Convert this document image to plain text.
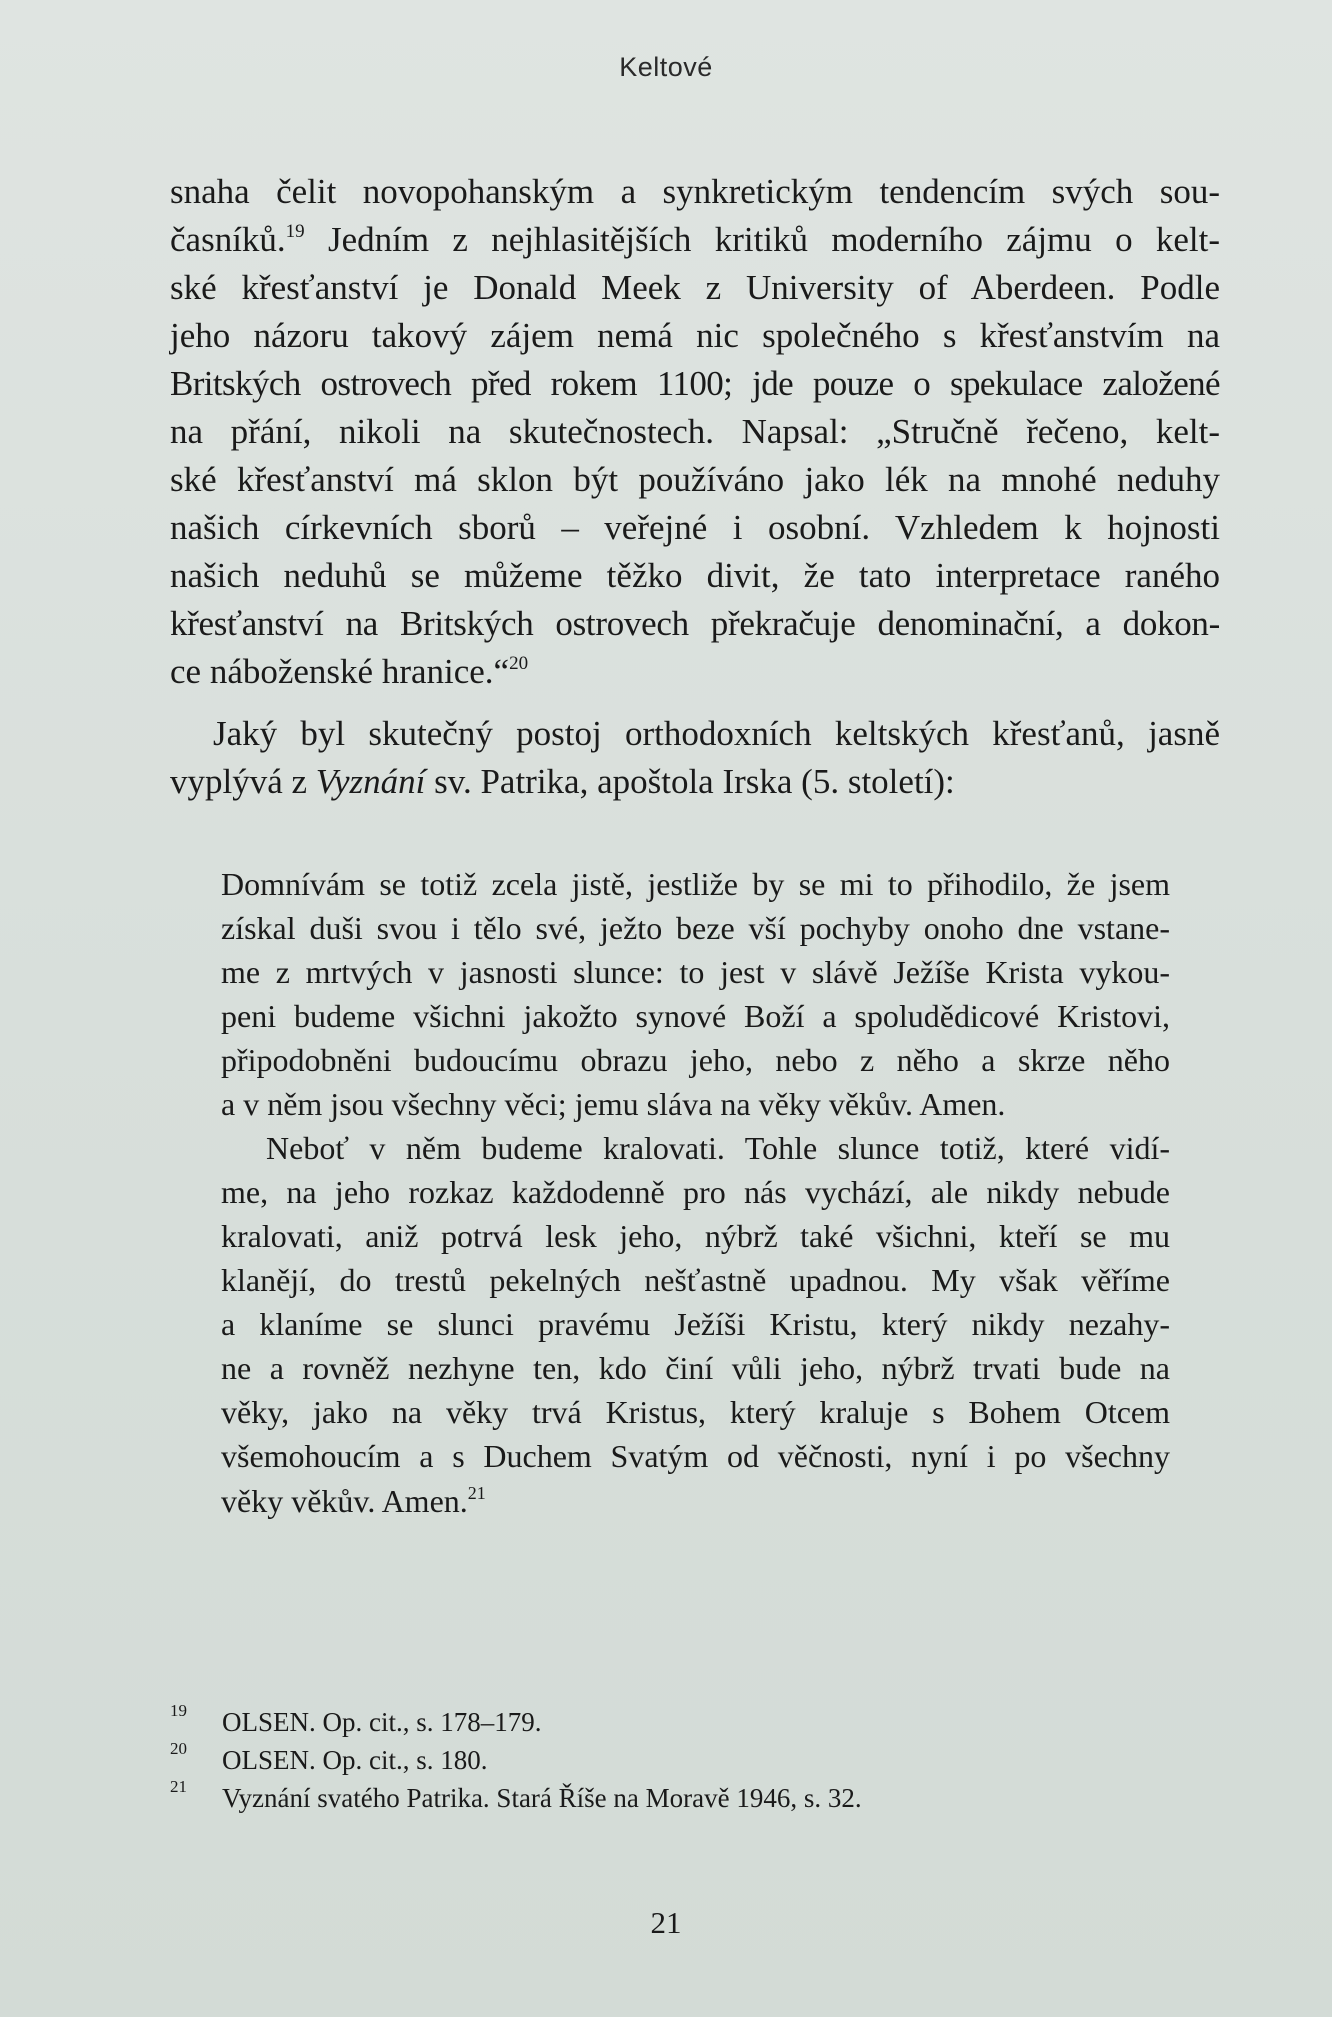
Keltové
snaha čelit novopohanským a synkretickým tendencím svých sou-
časníků.$^{19}$ Jedním z nejhlasitějších kritiků moderního zájmu o kelt-
ské křesťanství je Donald Meek z University of Aberdeen. Podle
jeho názoru takový zájem nemá nic společného s křesťanstvím na
Britských ostrovech před rokem 1100; jde pouze o spekulace založené
na přání, nikoli na skutečnostech. Napsal: „Stručně řečeno, kelt-
ské křesťanství má sklon být používáno jako lék na mnohé neduhy
našich církevních sborů – veřejné i osobní. Vzhledem k hojnosti
našich neduhů se můžeme těžko divit, že tato interpretace raného
křesťanství na Britských ostrovech překračuje denominační, a dokon-
ce náboženské hranice.“$^{20}$
Jaký byl skutečný postoj orthodoxních keltských křesťanů, jasně
vyplývá z Vyznání sv. Patrika, apoštola Irska (5. století):
Domnívám se totiž zcela jistě, jestliže by se mi to přihodilo, že jsem
získal duši svou i tělo své, ježto beze vší pochyby onoho dne vstane-
me z mrtvých v jasnosti slunce: to jest v slávě Ježíše Krista vykou-
peni budeme všichni jakožto synové Boží a spoludědicové Kristovi,
připodobněni budoucímu obrazu jeho, nebo z něho a skrze něho
a v něm jsou všechny věci; jemu sláva na věky věkův. Amen.
Neboť v něm budeme kralovati. Tohle slunce totiž, které vidí-
me, na jeho rozkaz každodenně pro nás vychází, ale nikdy nebude
kralovati, aniž potrvá lesk jeho, nýbrž také všichni, kteří se mu
klanějí, do trestů pekelných nešťastně upadnou. My však věříme
a klaníme se slunci pravému Ježíši Kristu, který nikdy nezahy-
ne a rovněž nezhyne ten, kdo činí vůli jeho, nýbrž trvati bude na
věky, jako na věky trvá Kristus, který kraluje s Bohem Otcem
všemohoucím a s Duchem Svatým od věčnosti, nyní i po všechny
věky věkův. Amen.$^{21}$
19 OLSEN. Op. cit., s. 178–179.
20 OLSEN. Op. cit., s. 180.
21 Vyznání svatého Patrika. Stará Říše na Moravě 1946, s. 32.
21
